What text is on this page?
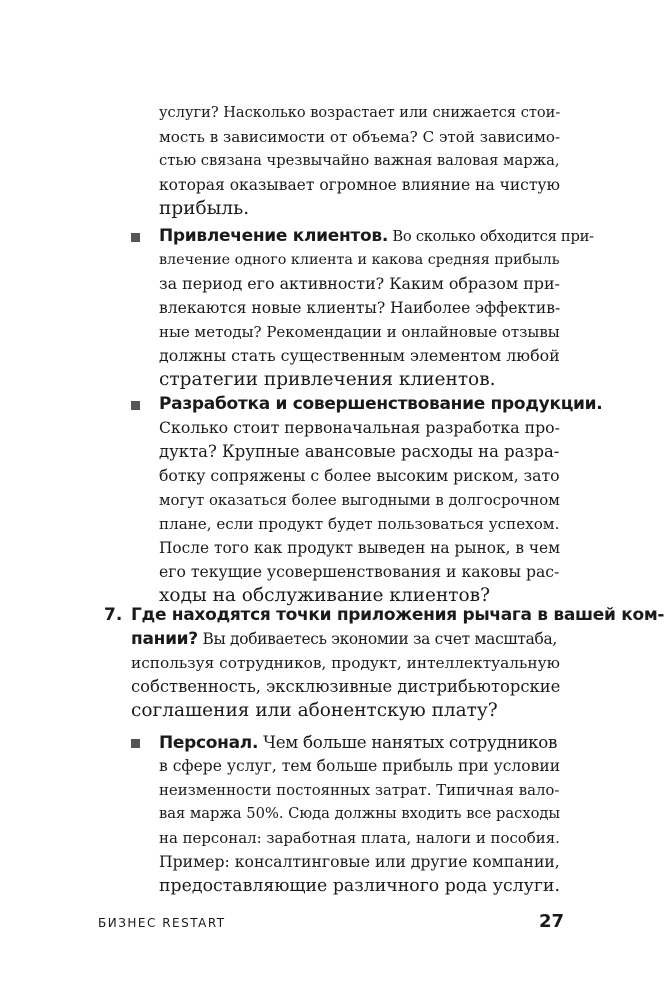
услуги? Насколько возрастает или снижается стои-
мость в зависимости от объема? С этой зависимо-
стью связана чрезвычайно важная валовая маржа,
которая оказывает огромное влияние на чистую
прибыль.
Привлечение клиентов. Во сколько обходится при-
влечение одного клиента и какова средняя прибыль
за период его активности? Каким образом при-
влекаются новые клиенты? Наиболее эффектив-
ные методы? Рекомендации и онлайновые отзывы
должны стать существенным элементом любой
стратегии привлечения клиентов.
Разработка и совершенствование продукции.
Сколько стоит первоначальная разработка про-
дукта? Крупные авансовые расходы на разра-
ботку сопряжены с более высоким риском, зато
могут оказаться более выгодными в долгосрочном
плане, если продукт будет пользоваться успехом.
После того как продукт выведен на рынок, в чем
его текущие усовершенствования и каковы рас-
ходы на обслуживание клиентов?
7. Где находятся точки приложения рычага в вашей ком-
пании? Вы добиваетесь экономии за счет масштаба,
используя сотрудников, продукт, интеллектуальную
собственность, эксклюзивные дистрибьюторские
соглашения или абонентскую плату?
Персонал. Чем больше нанятых сотрудников
в сфере услуг, тем больше прибыль при условии
неизменности постоянных затрат. Типичная вало-
вая маржа 50%. Сюда должны входить все расходы
на персонал: заработная плата, налоги и пособия.
Пример: консалтинговые или другие компании,
предоставляющие различного рода услуги.
БИЗНЕС RESTART	27
